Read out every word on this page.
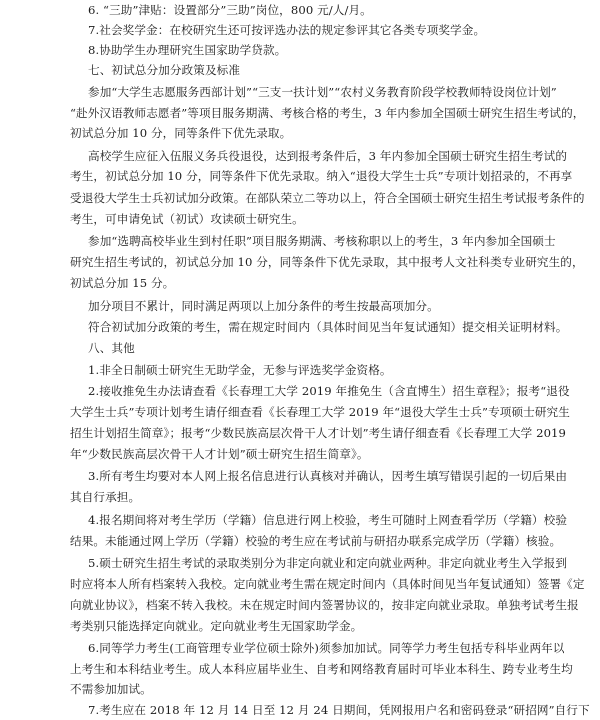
6. “三助”津贴：设置部分”三助”岗位，800 元/人/月。

7.社会奖学金：在校研究生还可按评选办法的规定参评其它各类专项奖学金。

8.协助学生办理研究生国家助学贷款。

七、初试总分加分政策及标准

参加“大学生志愿服务西部计划”“三支一扶计划”“农村义务教育阶段学校教师特设岗位计划”

“赴外汉语教师志愿者”等项目服务期满、考核合格的考生，3 年内参加全国硕士研究生招生考试的，

初试总分加 10 分，同等条件下优先录取。

高校学生应征入伍服义务兵役退役，达到报考条件后，3 年内参加全国硕士研究生招生考试的

考生，初试总分加 10 分，同等条件下优先录取。纳入“退役大学生士兵”专项计划招录的，不再享

受退役大学生士兵初试加分政策。在部队荣立二等功以上，符合全国硕士研究生招生考试报考条件的

考生，可申请免试（初试）攻读硕士研究生。

参加“选聘高校毕业生到村任职”项目服务期满、考核称职以上的考生，3 年内参加全国硕士

研究生招生考试的，初试总分加 10 分，同等条件下优先录取，其中报考人文社科类专业研究生的，

初试总分加 15 分。

加分项目不累计，同时满足两项以上加分条件的考生按最高项加分。

符合初试加分政策的考生，需在规定时间内（具体时间见当年复试通知）提交相关证明材料。

八、其他

1.非全日制硕士研究生无助学金，无参与评选奖学金资格。

2.接收推免生办法请查看《长春理工大学 2019 年推免生（含直博生）招生章程》；报考“退役

大学生士兵”专项计划考生请仔细查看《长春理工大学 2019 年“退役大学生士兵”专项硕士研究生

招生计划招生简章》；报考“少数民族高层次骨干人才计划”考生请仔细查看《长春理工大学 2019

年“少数民族高层次骨干人才计划”硕士研究生招生简章》。

3.所有考生均要对本人网上报名信息进行认真核对并确认，因考生填写错误引起的一切后果由

其自行承担。

4.报名期间将对考生学历（学籍）信息进行网上校验，考生可随时上网查看学历（学籍）校验

结果。未能通过网上学历（学籍）校验的考生应在考试前与研招办联系完成学历（学籍）核验。

5.硕士研究生招生考试的录取类别分为非定向就业和定向就业两种。非定向就业考生入学报到

时应将本人所有档案转入我校。定向就业考生需在规定时间内（具体时间见当年复试通知）签署《定

向就业协议》，档案不转入我校。未在规定时间内签署协议的，按非定向就业录取。单独考试考生报

考类别只能选择定向就业。定向就业考生无国家助学金。

6.同等学力考生(工商管理专业学位硕士除外)须参加加试。同等学力考生包括专科毕业两年以

上考生和本科结业考生。成人本科应届毕业生、自考和网络教育届时可毕业本科生、跨专业考生均

不需参加加试。

7.考生应在 2018 年 12 月 14 日至 12 月 24 日期间，凭网报用户名和密码登录“研招网”自行下
